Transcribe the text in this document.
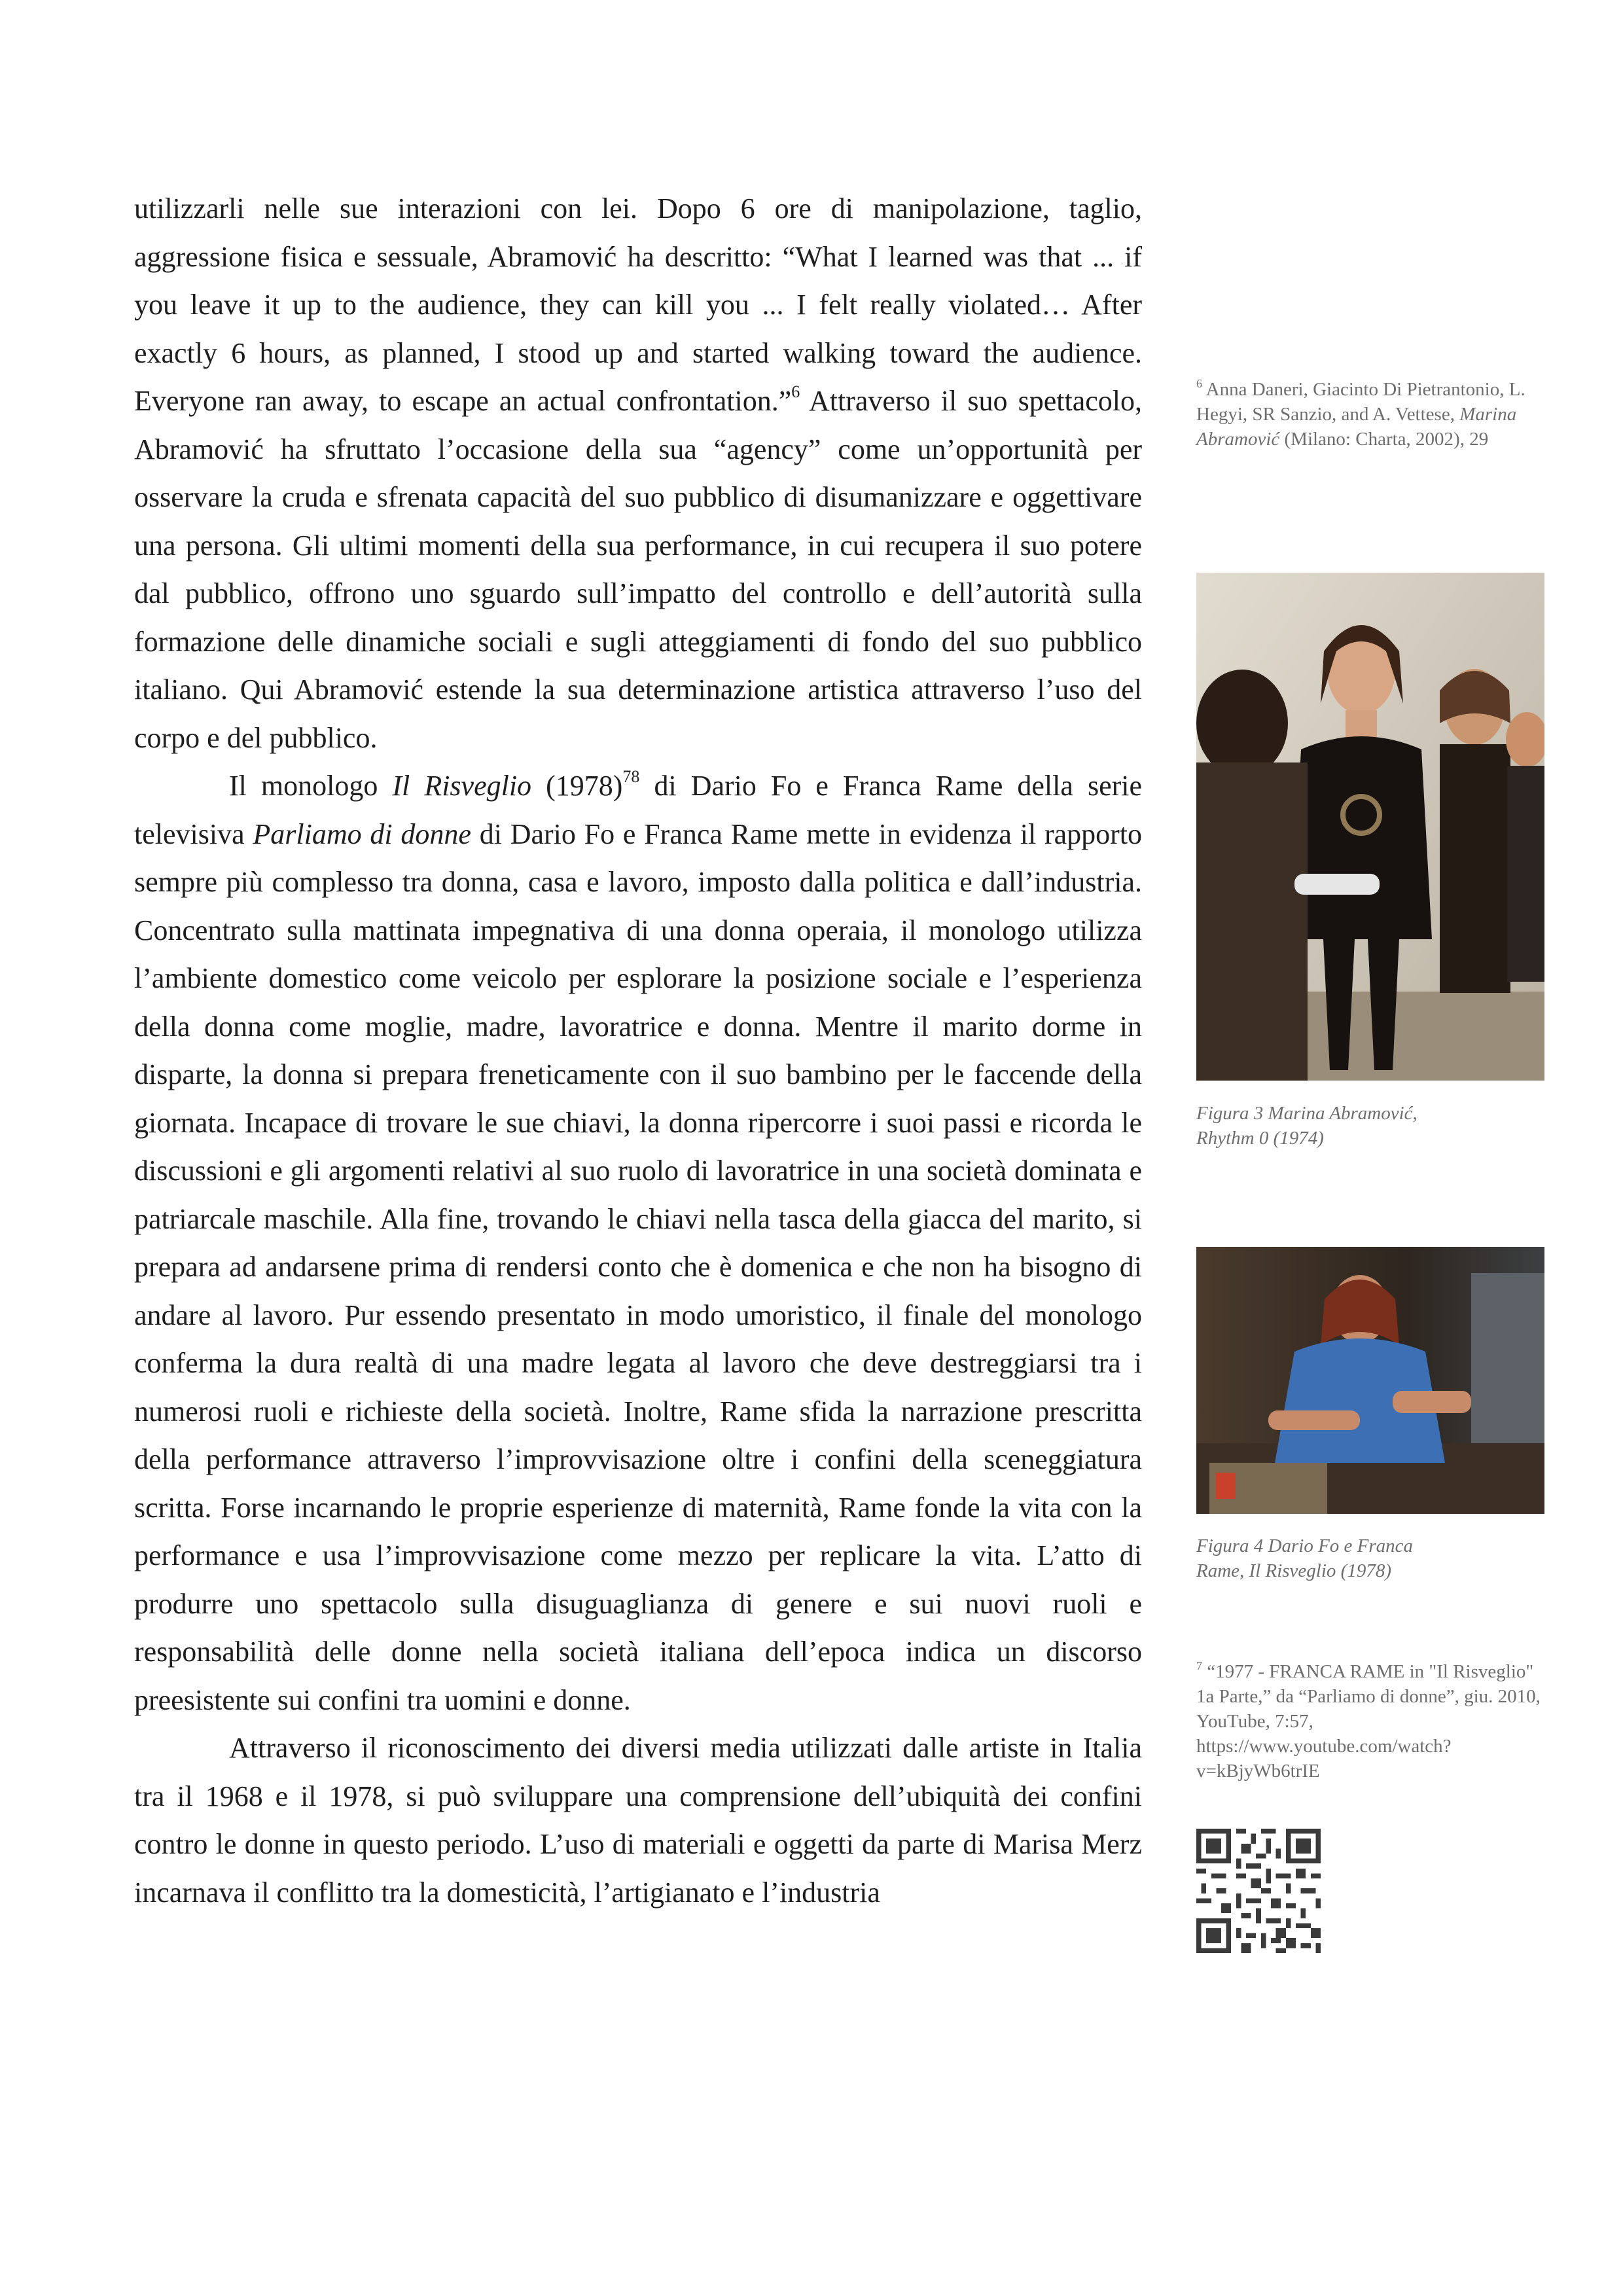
utilizzarli nelle sue interazioni con lei. Dopo 6 ore di manipolazione, taglio, aggressione fisica e sessuale, Abramović ha descritto: “What I learned was that ... if you leave it up to the audience, they can kill you ... I felt really violated… After exactly 6 hours, as planned, I stood up and started walking toward the audience. Everyone ran away, to escape an actual confrontation.”$^6$ Attraverso il suo spettacolo, Abramović ha sfruttato l’occasione della sua “agency” come un’opportunità per osservare la cruda e sfrenata capacità del suo pubblico di disumanizzare e oggettivare una persona. Gli ultimi momenti della sua performance, in cui recupera il suo potere dal pubblico, offrono uno sguardo sull’impatto del controllo e dell’autorità sulla formazione delle dinamiche sociali e sugli atteggiamenti di fondo del suo pubblico italiano. Qui Abramović estende la sua determinazione artistica attraverso l’uso del corpo e del pubblico.

Il monologo Il Risveglio $(1978)^{78}$ di Dario Fo e Franca Rame della serie televisiva Parliamo di donne di Dario Fo e Franca Rame mette in evidenza il rapporto sempre più complesso tra donna, casa e lavoro, imposto dalla politica e dall’industria. Concentrato sulla mattinata impegnativa di una donna operaia, il monologo utilizza l’ambiente domestico come veicolo per esplorare la posizione sociale e l’esperienza della donna come moglie, madre, lavoratrice e donna. Mentre il marito dorme in disparte, la donna si prepara freneticamente con il suo bambino per le faccende della giornata. Incapace di trovare le sue chiavi, la donna ripercorre i suoi passi e ricorda le discussioni e gli argomenti relativi al suo ruolo di lavoratrice in una società dominata e patriarcale maschile. Alla fine, trovando le chiavi nella tasca della giacca del marito, si prepara ad andarsene prima di rendersi conto che è domenica e che non ha bisogno di andare al lavoro. Pur essendo presentato in modo umoristico, il finale del monologo conferma la dura realtà di una madre legata al lavoro che deve destreggiarsi tra i numerosi ruoli e richieste della società. Inoltre, Rame sfida la narrazione prescritta della performance attraverso l’improvvisazione oltre i confini della sceneggiatura scritta. Forse incarnando le proprie esperienze di maternità, Rame fonde la vita con la performance e usa l’improvvisazione come mezzo per replicare la vita. L’atto di produrre uno spettacolo sulla disuguaglianza di genere e sui nuovi ruoli e responsabilità delle donne nella società italiana dell’epoca indica un discorso preesistente sui confini tra uomini e donne.

Attraverso il riconoscimento dei diversi media utilizzati dalle artiste in Italia tra il 1968 e il 1978, si può sviluppare una comprensione dell’ubiquità dei confini contro le donne in questo periodo. L’uso di materiali e oggetti da parte di Marisa Merz incarnava il conflitto tra la domesticità, l’artigianato e l’industria

$^6$ Anna Daneri, Giacinto Di Pietrantonio, L. Hegyi, SR Sanzio, and A. Vettese, Marina Abramović (Milano: Charta, 2002), 29
Figura 3 Marina Abramović,
Rhythm 0 (1974)
Figura 4 Dario Fo e Franca
Rame, Il Risveglio (1978)
$^7$ “1977 - FRANCA RAME in "Il Risveglio" 1a Parte,” da “Parliamo di donne”, giu. 2010, YouTube, 7:57, https://www.youtube.com/watch?v=kBjyWb6trIE
